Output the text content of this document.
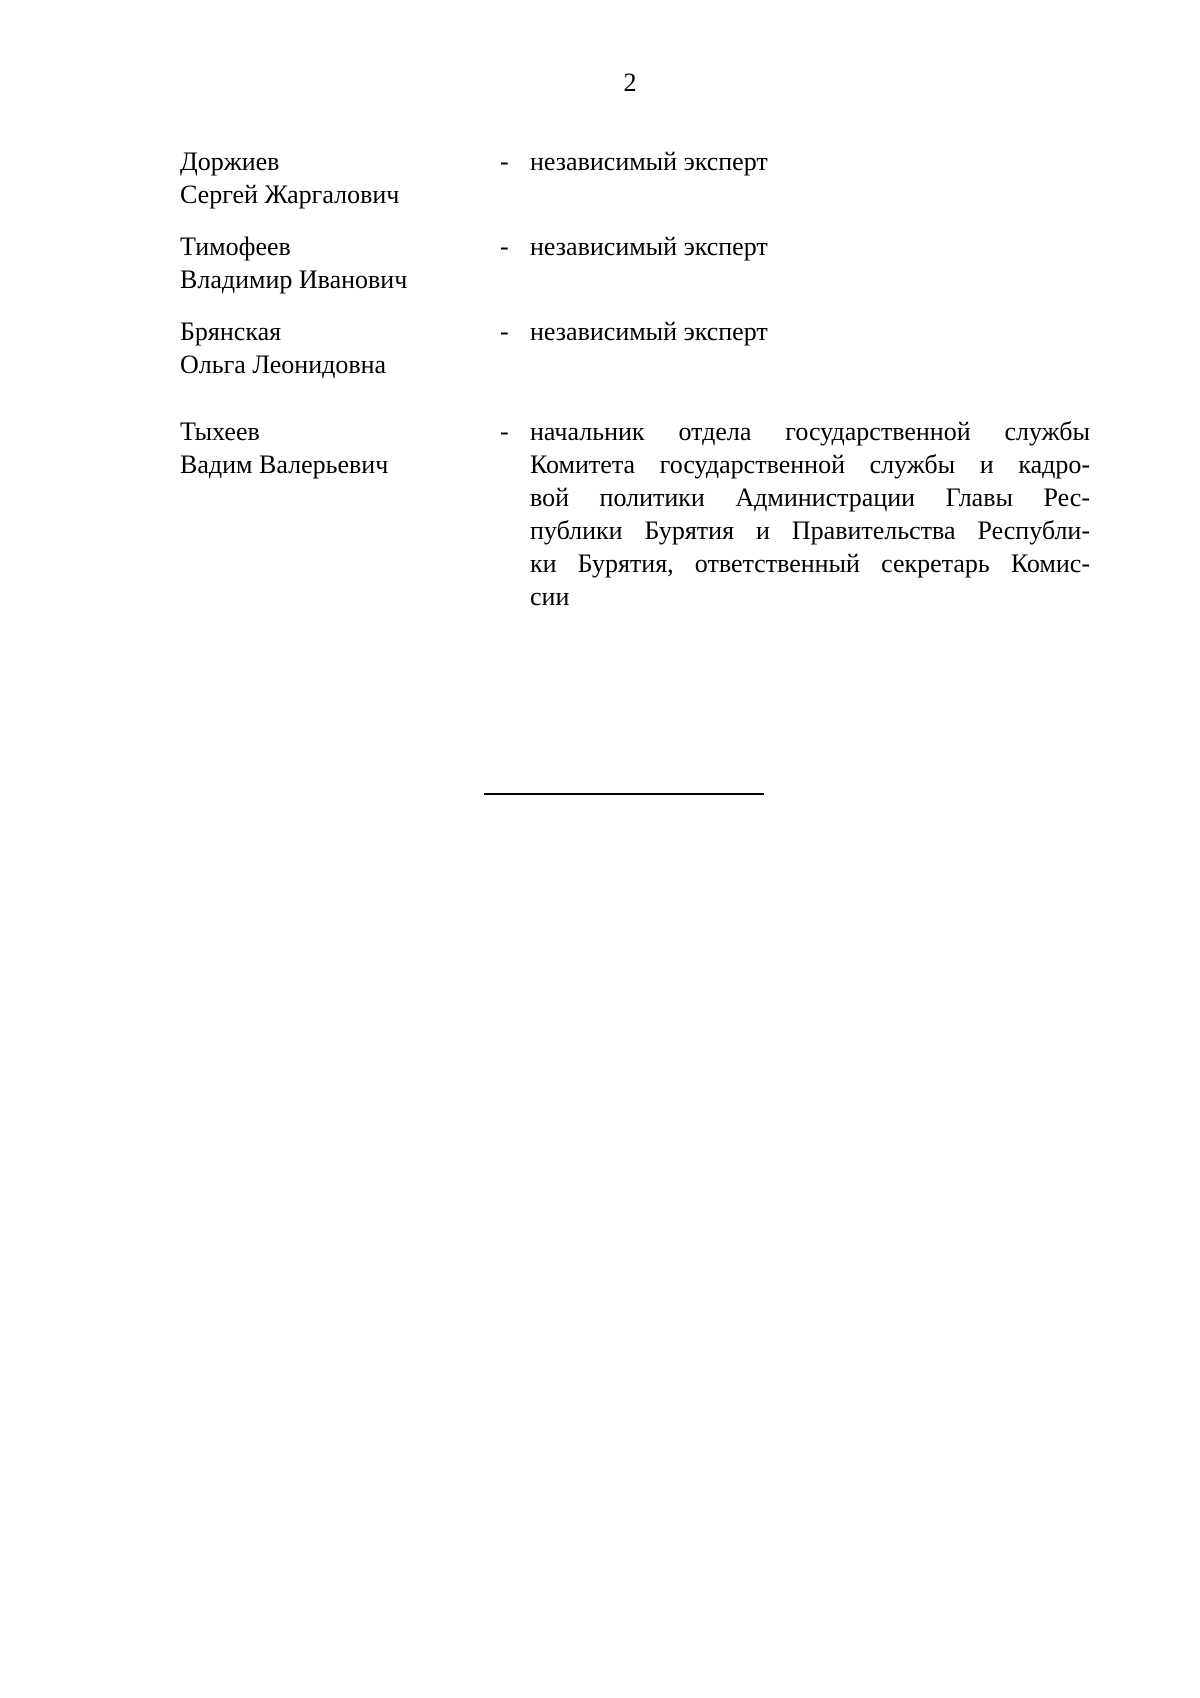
2
Доржиев
Сергей Жаргалович
- независимый эксперт
Тимофеев
Владимир Иванович
- независимый эксперт
Брянская
Ольга Леонидовна
- независимый эксперт
Тыхеев
Вадим Валерьевич
- начальник отдела государственной службы
Комитета государственной службы и кадро-
вой политики Администрации Главы Рес-
публики Бурятия и Правительства Республи-
ки Бурятия, ответственный секретарь Комис-
сии
